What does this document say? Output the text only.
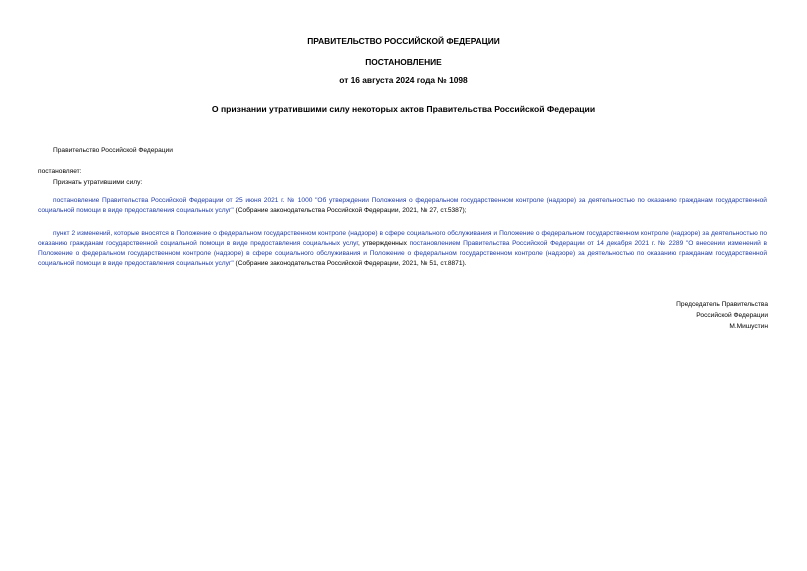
ПРАВИТЕЛЬСТВО РОССИЙСКОЙ ФЕДЕРАЦИИ
ПОСТАНОВЛЕНИЕ
от 16 августа 2024 года № 1098
О признании утратившими силу некоторых актов Правительства Российской Федерации
Правительство Российской Федерации
постановляет:
Признать утратившими силу:
постановление Правительства Российской Федерации от 25 июня 2021 г. № 1000 "Об утверждении Положения о федеральном государственном контроле (надзоре) за деятельностью по оказанию гражданам государственной социальной помощи в виде предоставления социальных услуг" (Собрание законодательства Российской Федерации, 2021, № 27, ст.5387);
пункт 2 изменений, которые вносятся в Положение о федеральном государственном контроле (надзоре) в сфере социального обслуживания и Положение о федеральном государственном контроле (надзоре) за деятельностью по оказанию гражданам государственной социальной помощи в виде предоставления социальных услуг, утвержденных постановлением Правительства Российской Федерации от 14 декабря 2021 г. № 2289 "О внесении изменений в Положение о федеральном государственном контроле (надзоре) в сфере социального обслуживания и Положение о федеральном государственном контроле (надзоре) за деятельностью по оказанию гражданам государственной социальной помощи в виде предоставления социальных услуг" (Собрание законодательства Российской Федерации, 2021, № 51, ст.8871).
Председатель Правительства
Российской Федерации
М.Мишустин
